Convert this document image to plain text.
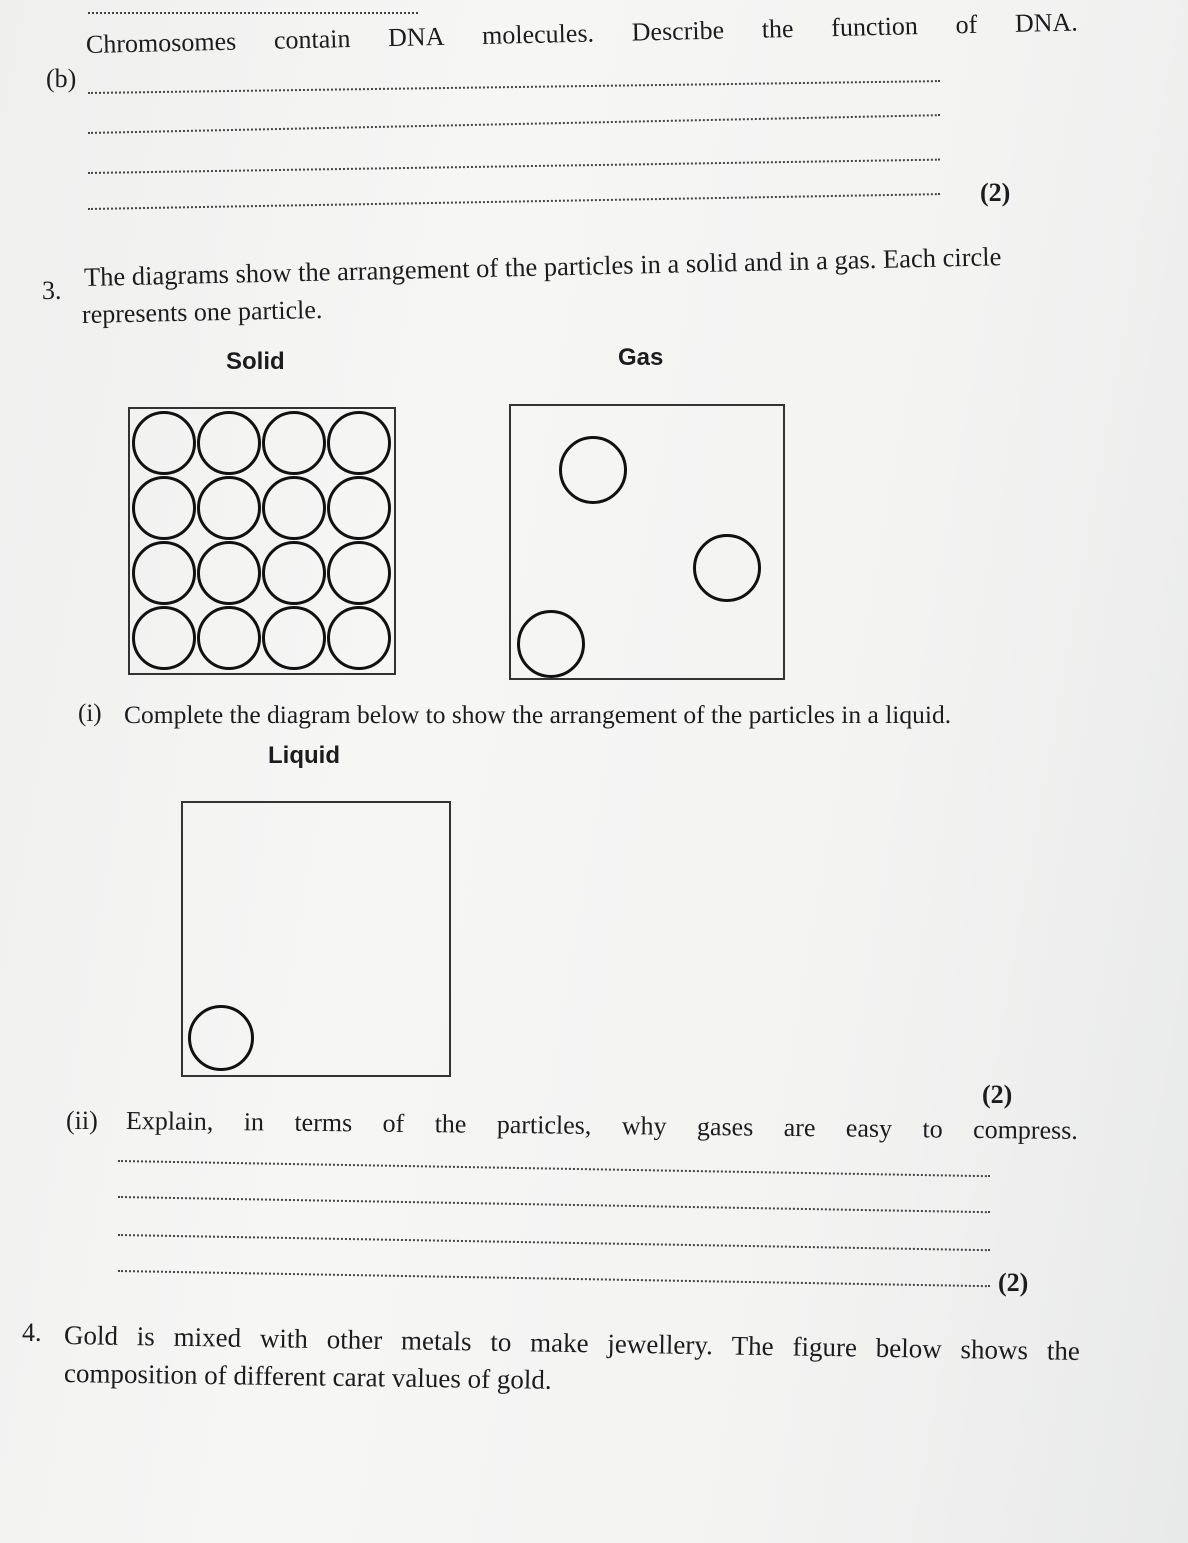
(b)
Chromosomes contain DNA molecules. Describe the function of DNA.
(2)
3. The diagrams show the arrangement of the particles in a solid and in a gas. Each circle
represents one particle.
Solid	Gas
(i) Complete the diagram below to show the arrangement of the particles in a liquid.
Liquid
(2)
(ii) Explain, in terms of the particles, why gases are easy to compress.
(2)
4. Gold is mixed with other metals to make jewellery. The figure below shows the
composition of different carat values of gold.
